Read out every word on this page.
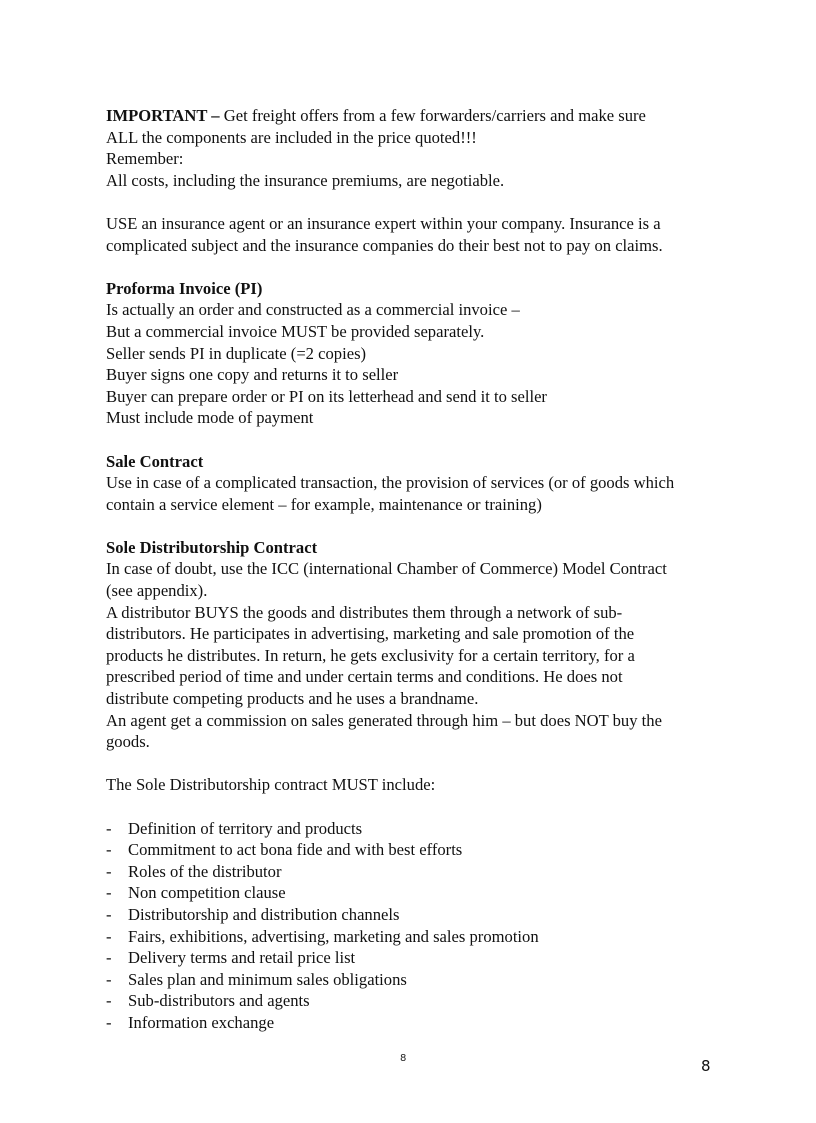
IMPORTANT – Get freight offers from a few forwarders/carriers and make sure
ALL the components are included in the price quoted!!!
Remember:
All costs, including the insurance premiums, are negotiable.
USE an insurance agent or an insurance expert within your company. Insurance is a
complicated subject and the insurance companies do their best not to pay on claims.
Proforma Invoice (PI)
Is actually an order and constructed as a commercial invoice –
But a commercial invoice MUST be provided separately.
Seller sends PI in duplicate (=2 copies)
Buyer signs one copy and returns it to seller
Buyer can prepare order or PI on its letterhead and send it to seller
Must include mode of payment
Sale Contract
Use in case of a complicated transaction, the provision of services (or of goods which
contain a service element – for example, maintenance or training)
Sole Distributorship Contract
In case of doubt, use the ICC (international Chamber of Commerce) Model Contract
(see appendix).
A distributor BUYS the goods and distributes them through a network of sub-
distributors. He participates in advertising, marketing and sale promotion of the
products he distributes. In return, he gets exclusivity for a certain territory, for a
prescribed period of time and under certain terms and conditions. He does not
distribute competing products and he uses a brandname.
An agent get a commission on sales generated through him – but does NOT buy the
goods.
The Sole Distributorship contract MUST include:
- Definition of territory and products
- Commitment to act bona fide and with best efforts
- Roles of the distributor
- Non competition clause
- Distributorship and distribution channels
- Fairs, exhibitions, advertising, marketing and sales promotion
- Delivery terms and retail price list
- Sales plan and minimum sales obligations
- Sub-distributors and agents
- Information exchange
8	8
